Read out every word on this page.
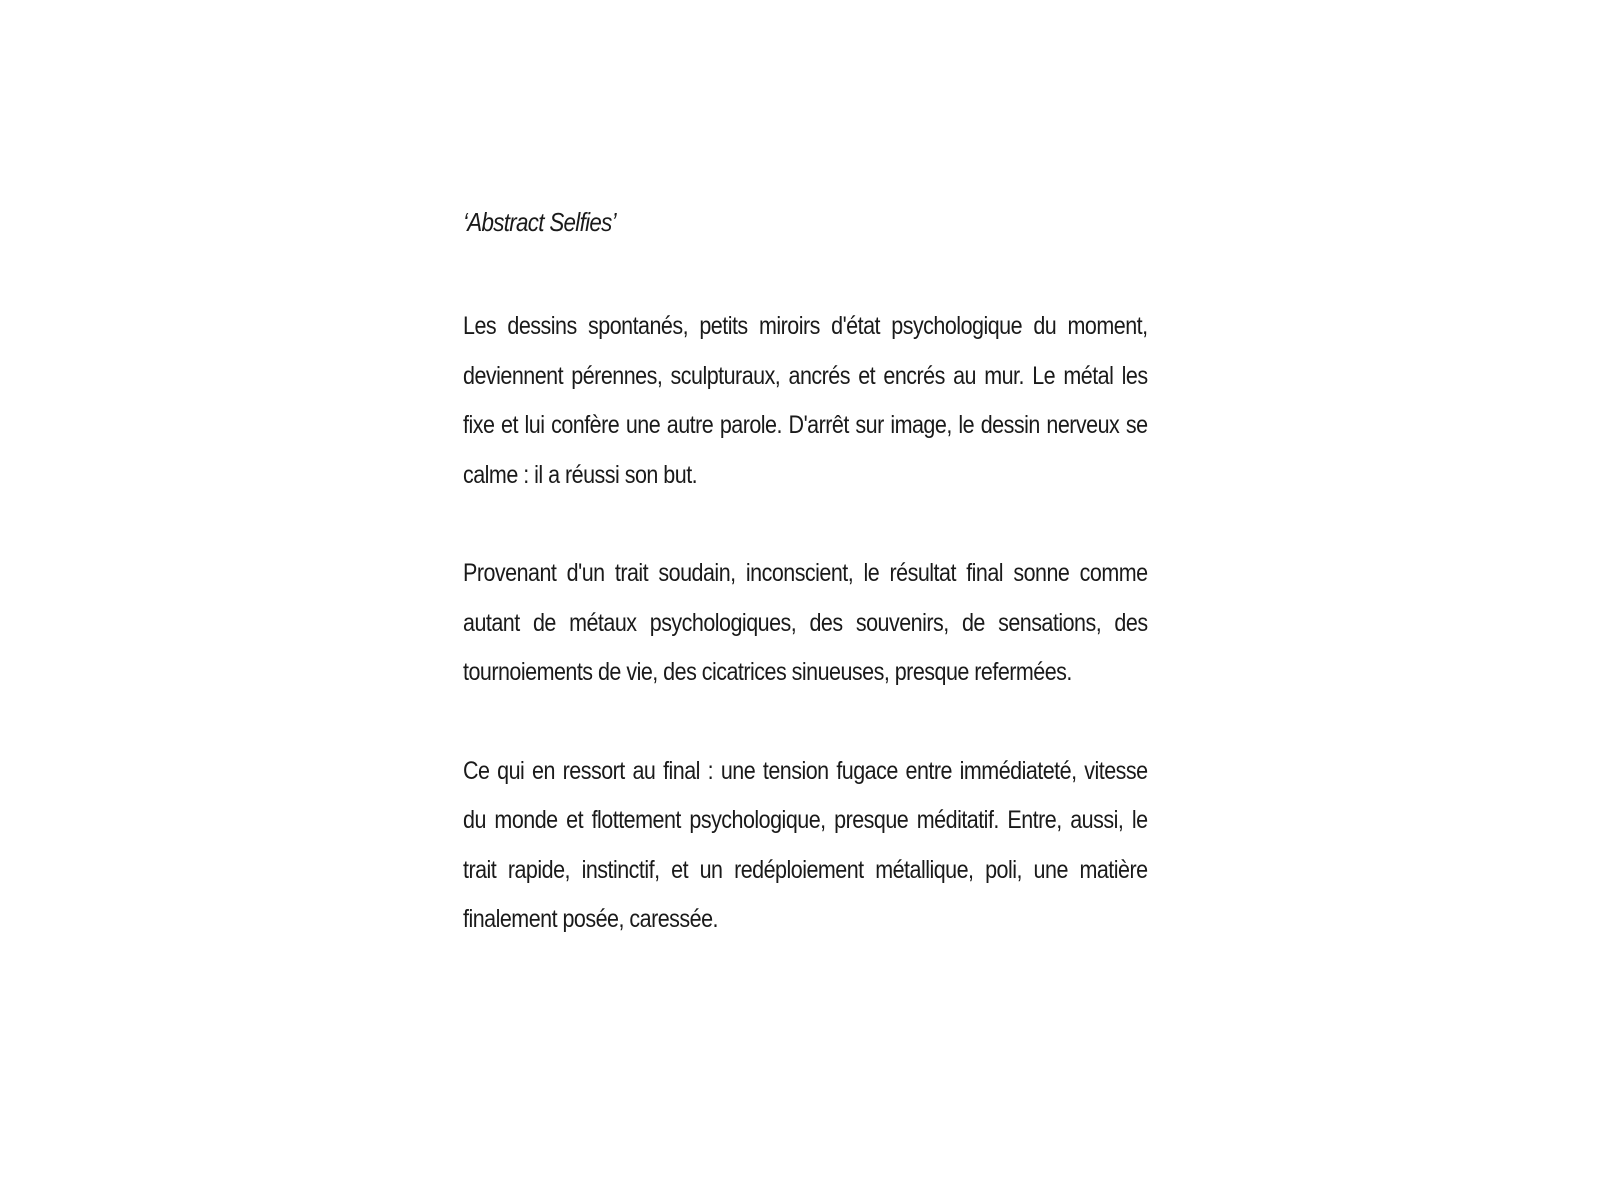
‘Abstract Selfies’

Les dessins spontanés, petits miroirs d'état psychologique du moment, deviennent pérennes, sculpturaux, ancrés et encrés au mur. Le métal les fixe et lui confère une autre parole. D'arrêt sur image, le dessin nerveux se calme : il a réussi son but.

Provenant d'un trait soudain, inconscient, le résultat final sonne comme autant de métaux psychologiques, des souvenirs, de sensations, des tournoiements de vie, des cicatrices sinueuses, presque refermées.

Ce qui en ressort au final : une tension fugace entre immédiateté, vitesse du monde et flottement psychologique, presque méditatif. Entre, aussi, le trait rapide, instinctif, et un redéploiement métallique, poli, une matière finalement posée, caressée.
